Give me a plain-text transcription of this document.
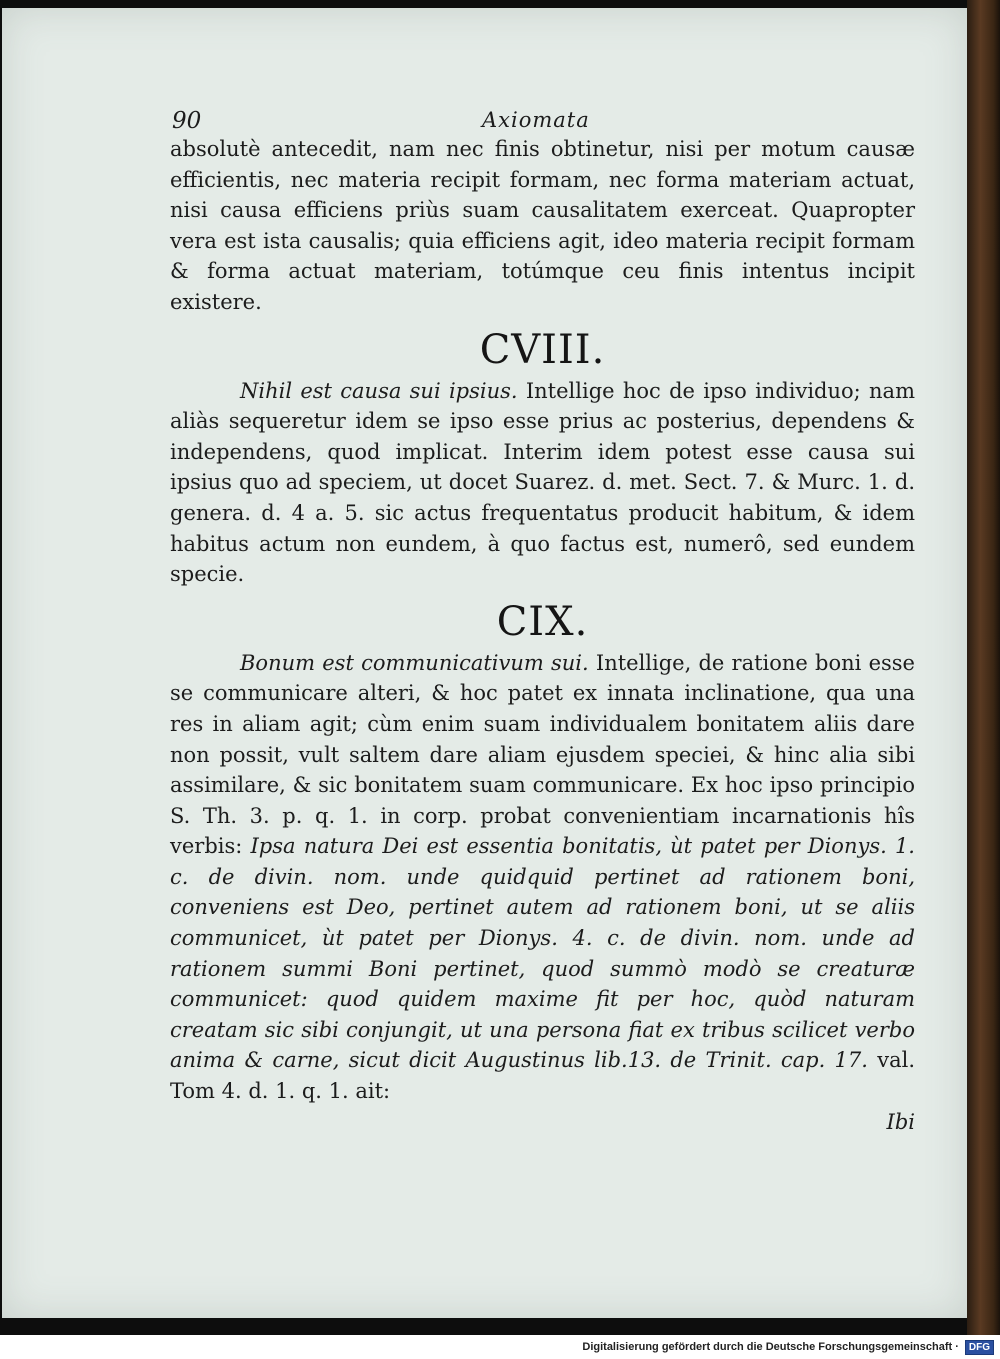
90	Axiomata

absolutè antecedit, nam nec finis obtinetur, nisi per motum causæ efficientis, nec materia recipit formam, nec forma materiam actuat, nisi causa efficiens priùs suam causalitatem exerceat. Quapropter vera est ista causalis; quia efficiens agit, ideo materia recipit formam & forma actuat materiam, totúmque ceu finis intentus incipit existere.

CVIII.

Nihil est causa sui ipsius. Intellige hoc de ipso individuo; nam aliàs sequeretur idem se ipso esse prius ac posterius, dependens & independens, quod implicat. Interim idem potest esse causa sui ipsius quo ad speciem, ut docet Suarez. d. met. Sect. 7. & Murc. 1. d. genera. d. 4 a. 5. sic actus frequentatus producit habitum, & idem habitus actum non eundem, à quo factus est, numerô, sed eundem specie.

CIX.

Bonum est communicativum sui. Intellige, de ratione boni esse se communicare alteri, & hoc patet ex innata inclinatione, qua una res in aliam agit; cùm enim suam individualem bonitatem aliis dare non possit, vult saltem dare aliam ejusdem speciei, & hinc alia sibi assimilare, & sic bonitatem suam communicare. Ex hoc ipso principio S. Th. 3. p. q. 1. in corp. probat convenientiam incarnationis hîs verbis: Ipsa natura Dei est essentia bonitatis, ùt patet per Dionys. 1. c. de divin. nom. unde quidquid pertinet ad rationem boni, conveniens est Deo, pertinet autem ad rationem boni, ut se aliis communicet, ùt patet per Dionys. 4. c. de divin. nom. unde ad rationem summi Boni pertinet, quod summò modò se creaturæ communicet: quod quidem maxime fit per hoc, quòd naturam creatam sic sibi conjungit, ut una persona fiat ex tribus scilicet verbo anima & carne, sicut dicit Augustinus lib.13. de Trinit. cap. 17. val. Tom 4. d. 1. q. 1. ait:

Ibi

Digitalisierung gefördert durch die Deutsche Forschungsgemeinschaft ·	DFG
